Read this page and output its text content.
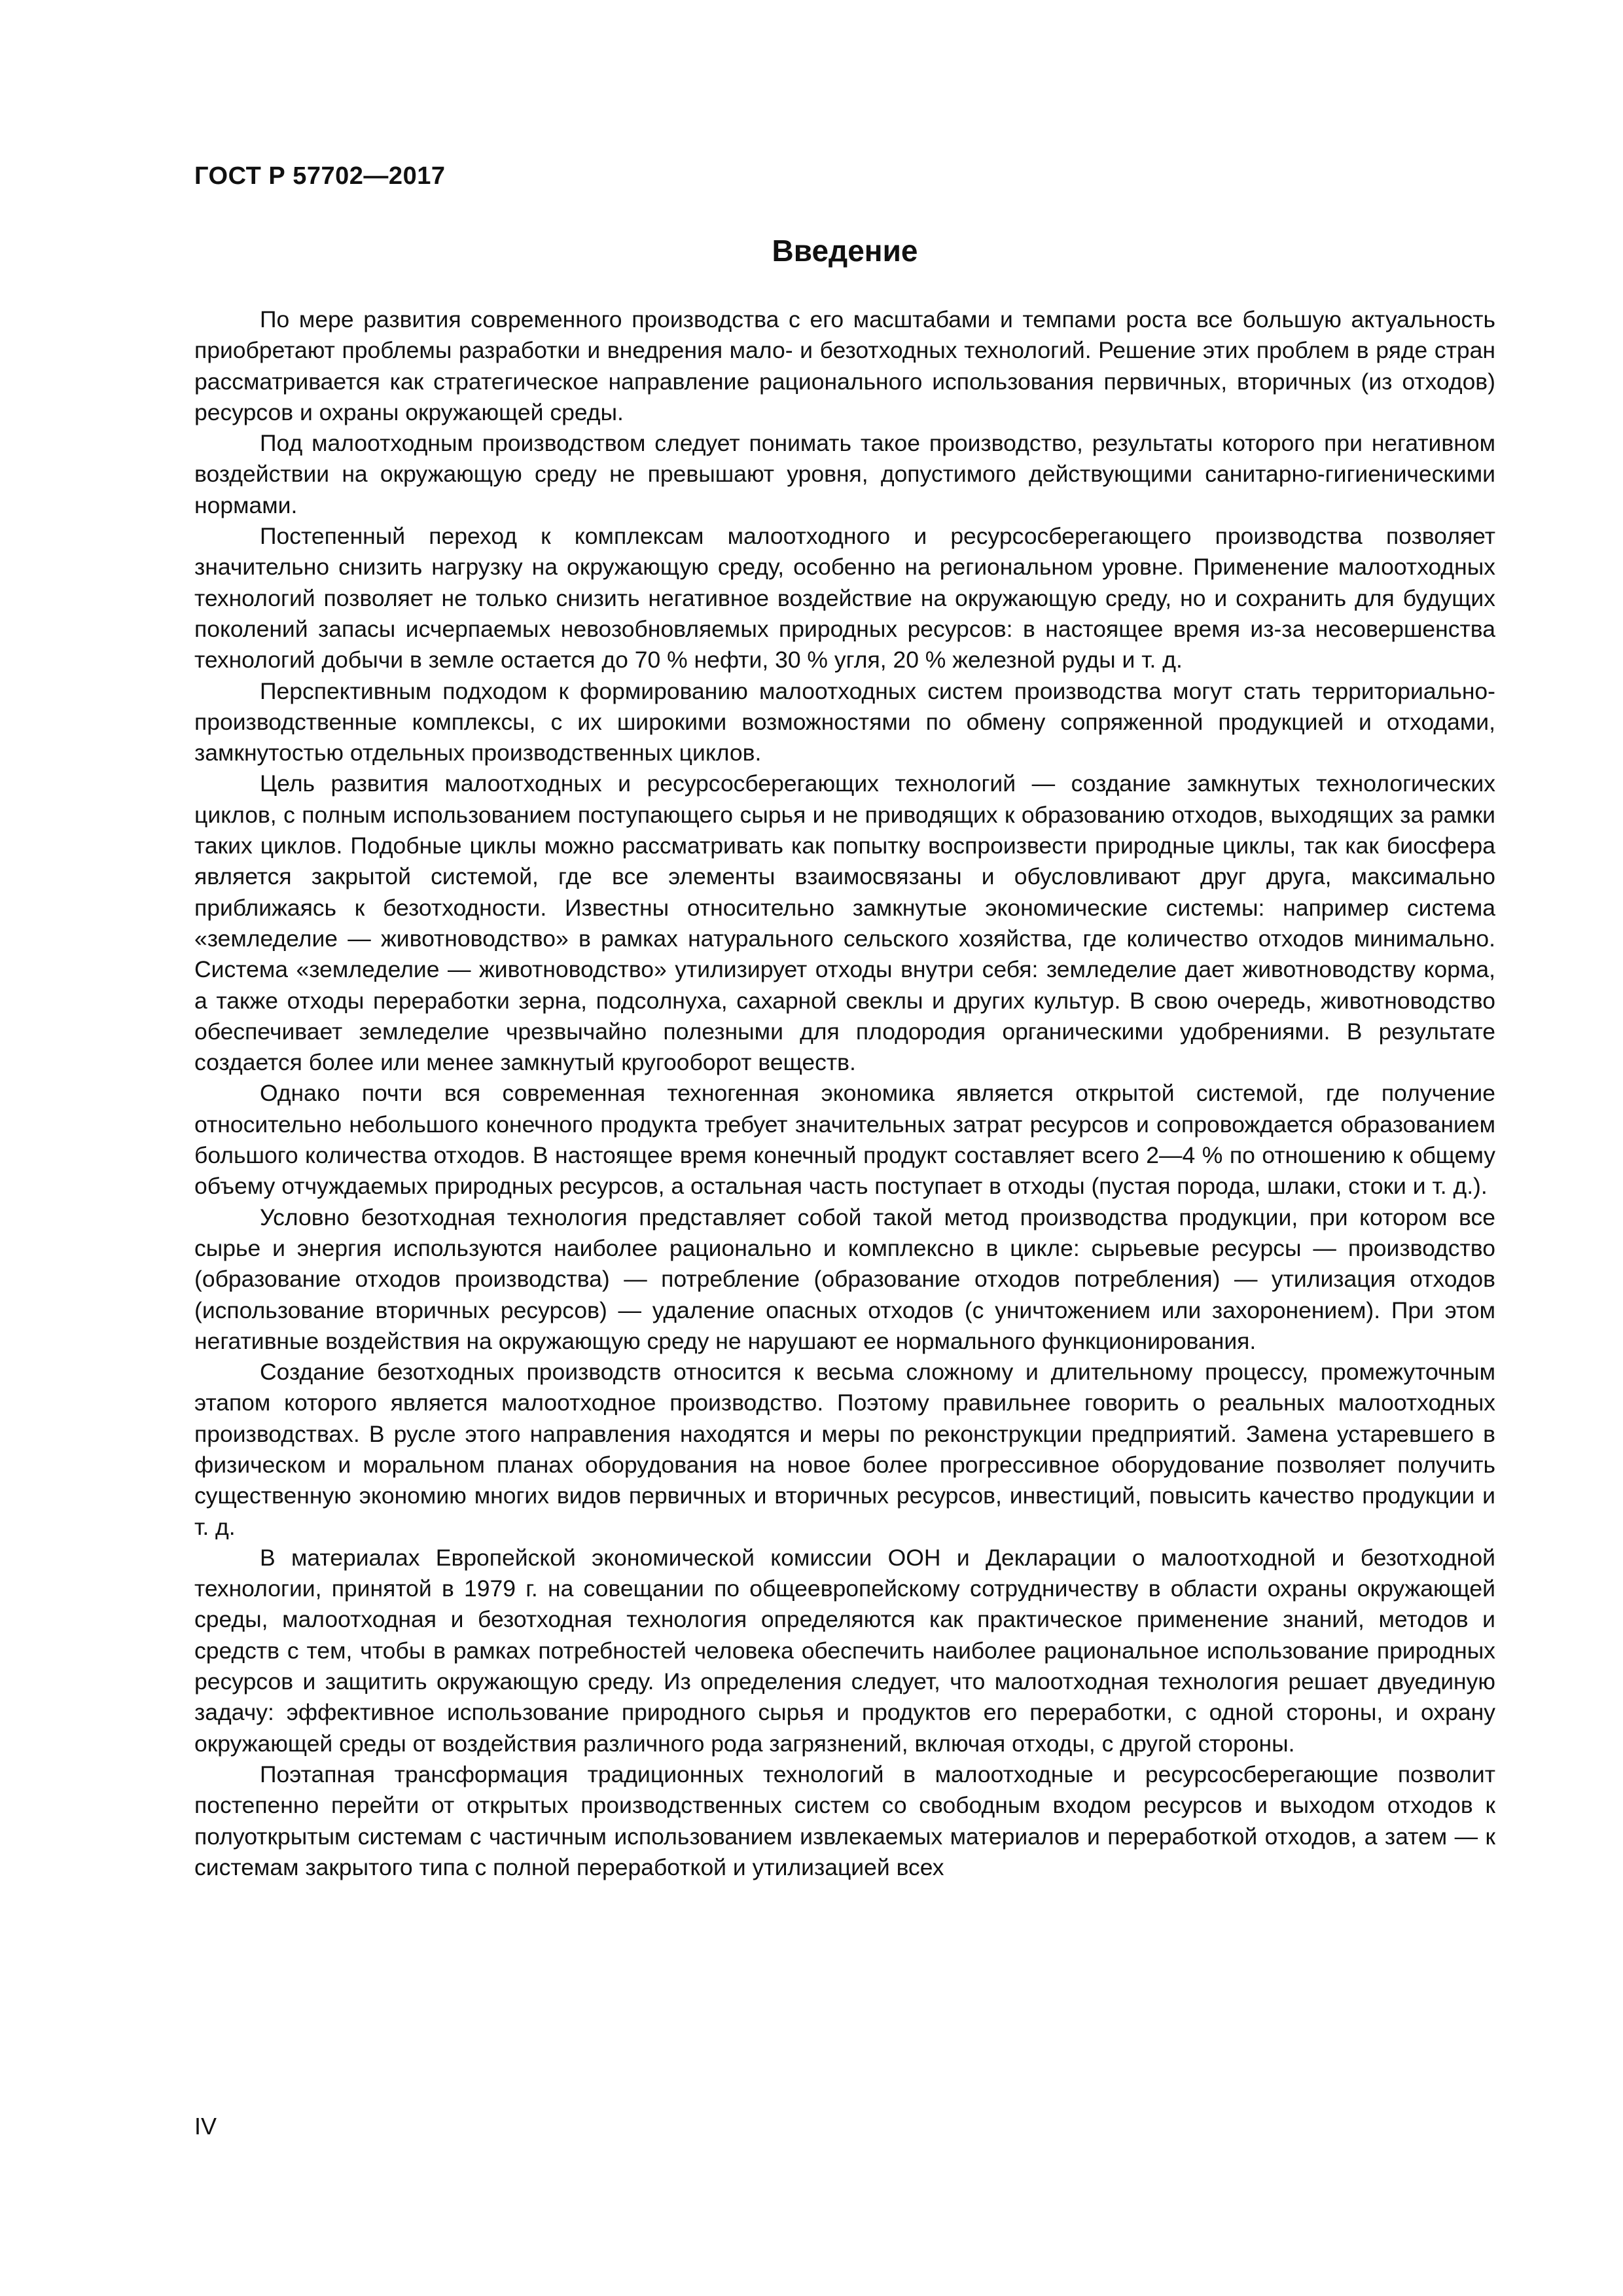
ГОСТ Р 57702—2017
Введение

По мере развития современного производства с его масштабами и темпами роста все большую актуальность приобретают проблемы разработки и внедрения мало- и безотходных технологий. Решение этих проблем в ряде стран рассматривается как стратегическое направление рационального использования первичных, вторичных (из отходов) ресурсов и охраны окружающей среды.

Под малоотходным производством следует понимать такое производство, результаты которого при негативном воздействии на окружающую среду не превышают уровня, допустимого действующими санитарно-гигиеническими нормами.

Постепенный переход к комплексам малоотходного и ресурсосберегающего производства позволяет значительно снизить нагрузку на окружающую среду, особенно на региональном уровне. Применение малоотходных технологий позволяет не только снизить негативное воздействие на окружающую среду, но и сохранить для будущих поколений запасы исчерпаемых невозобновляемых природных ресурсов: в настоящее время из-за несовершенства технологий добычи в земле остается до 70 % нефти, 30 % угля, 20 % железной руды и т. д.

Перспективным подходом к формированию малоотходных систем производства могут стать территориально-производственные комплексы, с их широкими возможностями по обмену сопряженной продукцией и отходами, замкнутостью отдельных производственных циклов.

Цель развития малоотходных и ресурсосберегающих технологий — создание замкнутых технологических циклов, с полным использованием поступающего сырья и не приводящих к образованию отходов, выходящих за рамки таких циклов. Подобные циклы можно рассматривать как попытку воспроизвести природные циклы, так как биосфера является закрытой системой, где все элементы взаимосвязаны и обусловливают друг друга, максимально приближаясь к безотходности. Известны относительно замкнутые экономические системы: например система «земледелие — животноводство» в рамках натурального сельского хозяйства, где количество отходов минимально. Система «земледелие — животноводство» утилизирует отходы внутри себя: земледелие дает животноводству корма, а также отходы переработки зерна, подсолнуха, сахарной свеклы и других культур. В свою очередь, животноводство обеспечивает земледелие чрезвычайно полезными для плодородия органическими удобрениями. В результате создается более или менее замкнутый кругооборот веществ.

Однако почти вся современная техногенная экономика является открытой системой, где получение относительно небольшого конечного продукта требует значительных затрат ресурсов и сопровождается образованием большого количества отходов. В настоящее время конечный продукт составляет всего 2—4 % по отношению к общему объему отчуждаемых природных ресурсов, а остальная часть поступает в отходы (пустая порода, шлаки, стоки и т. д.).

Условно безотходная технология представляет собой такой метод производства продукции, при котором все сырье и энергия используются наиболее рационально и комплексно в цикле: сырьевые ресурсы — производство (образование отходов производства) — потребление (образование отходов потребления) — утилизация отходов (использование вторичных ресурсов) — удаление опасных отходов (с уничтожением или захоронением). При этом негативные воздействия на окружающую среду не нарушают ее нормального функционирования.

Создание безотходных производств относится к весьма сложному и длительному процессу, промежуточным этапом которого является малоотходное производство. Поэтому правильнее говорить о реальных малоотходных производствах. В русле этого направления находятся и меры по реконструкции предприятий. Замена устаревшего в физическом и моральном планах оборудования на новое более прогрессивное оборудование позволяет получить существенную экономию многих видов первичных и вторичных ресурсов, инвестиций, повысить качество продукции и т. д.

В материалах Европейской экономической комиссии ООН и Декларации о малоотходной и безотходной технологии, принятой в 1979 г. на совещании по общеевропейскому сотрудничеству в области охраны окружающей среды, малоотходная и безотходная технология определяются как практическое применение знаний, методов и средств с тем, чтобы в рамках потребностей человека обеспечить наиболее рациональное использование природных ресурсов и защитить окружающую среду. Из определения следует, что малоотходная технология решает двуединую задачу: эффективное использование природного сырья и продуктов его переработки, с одной стороны, и охрану окружающей среды от воздействия различного рода загрязнений, включая отходы, с другой стороны.

Поэтапная трансформация традиционных технологий в малоотходные и ресурсосберегающие позволит постепенно перейти от открытых производственных систем со свободным входом ресурсов и выходом отходов к полуоткрытым системам с частичным использованием извлекаемых материалов и переработкой отходов, а затем — к системам закрытого типа с полной переработкой и утилизацией всех

IV
